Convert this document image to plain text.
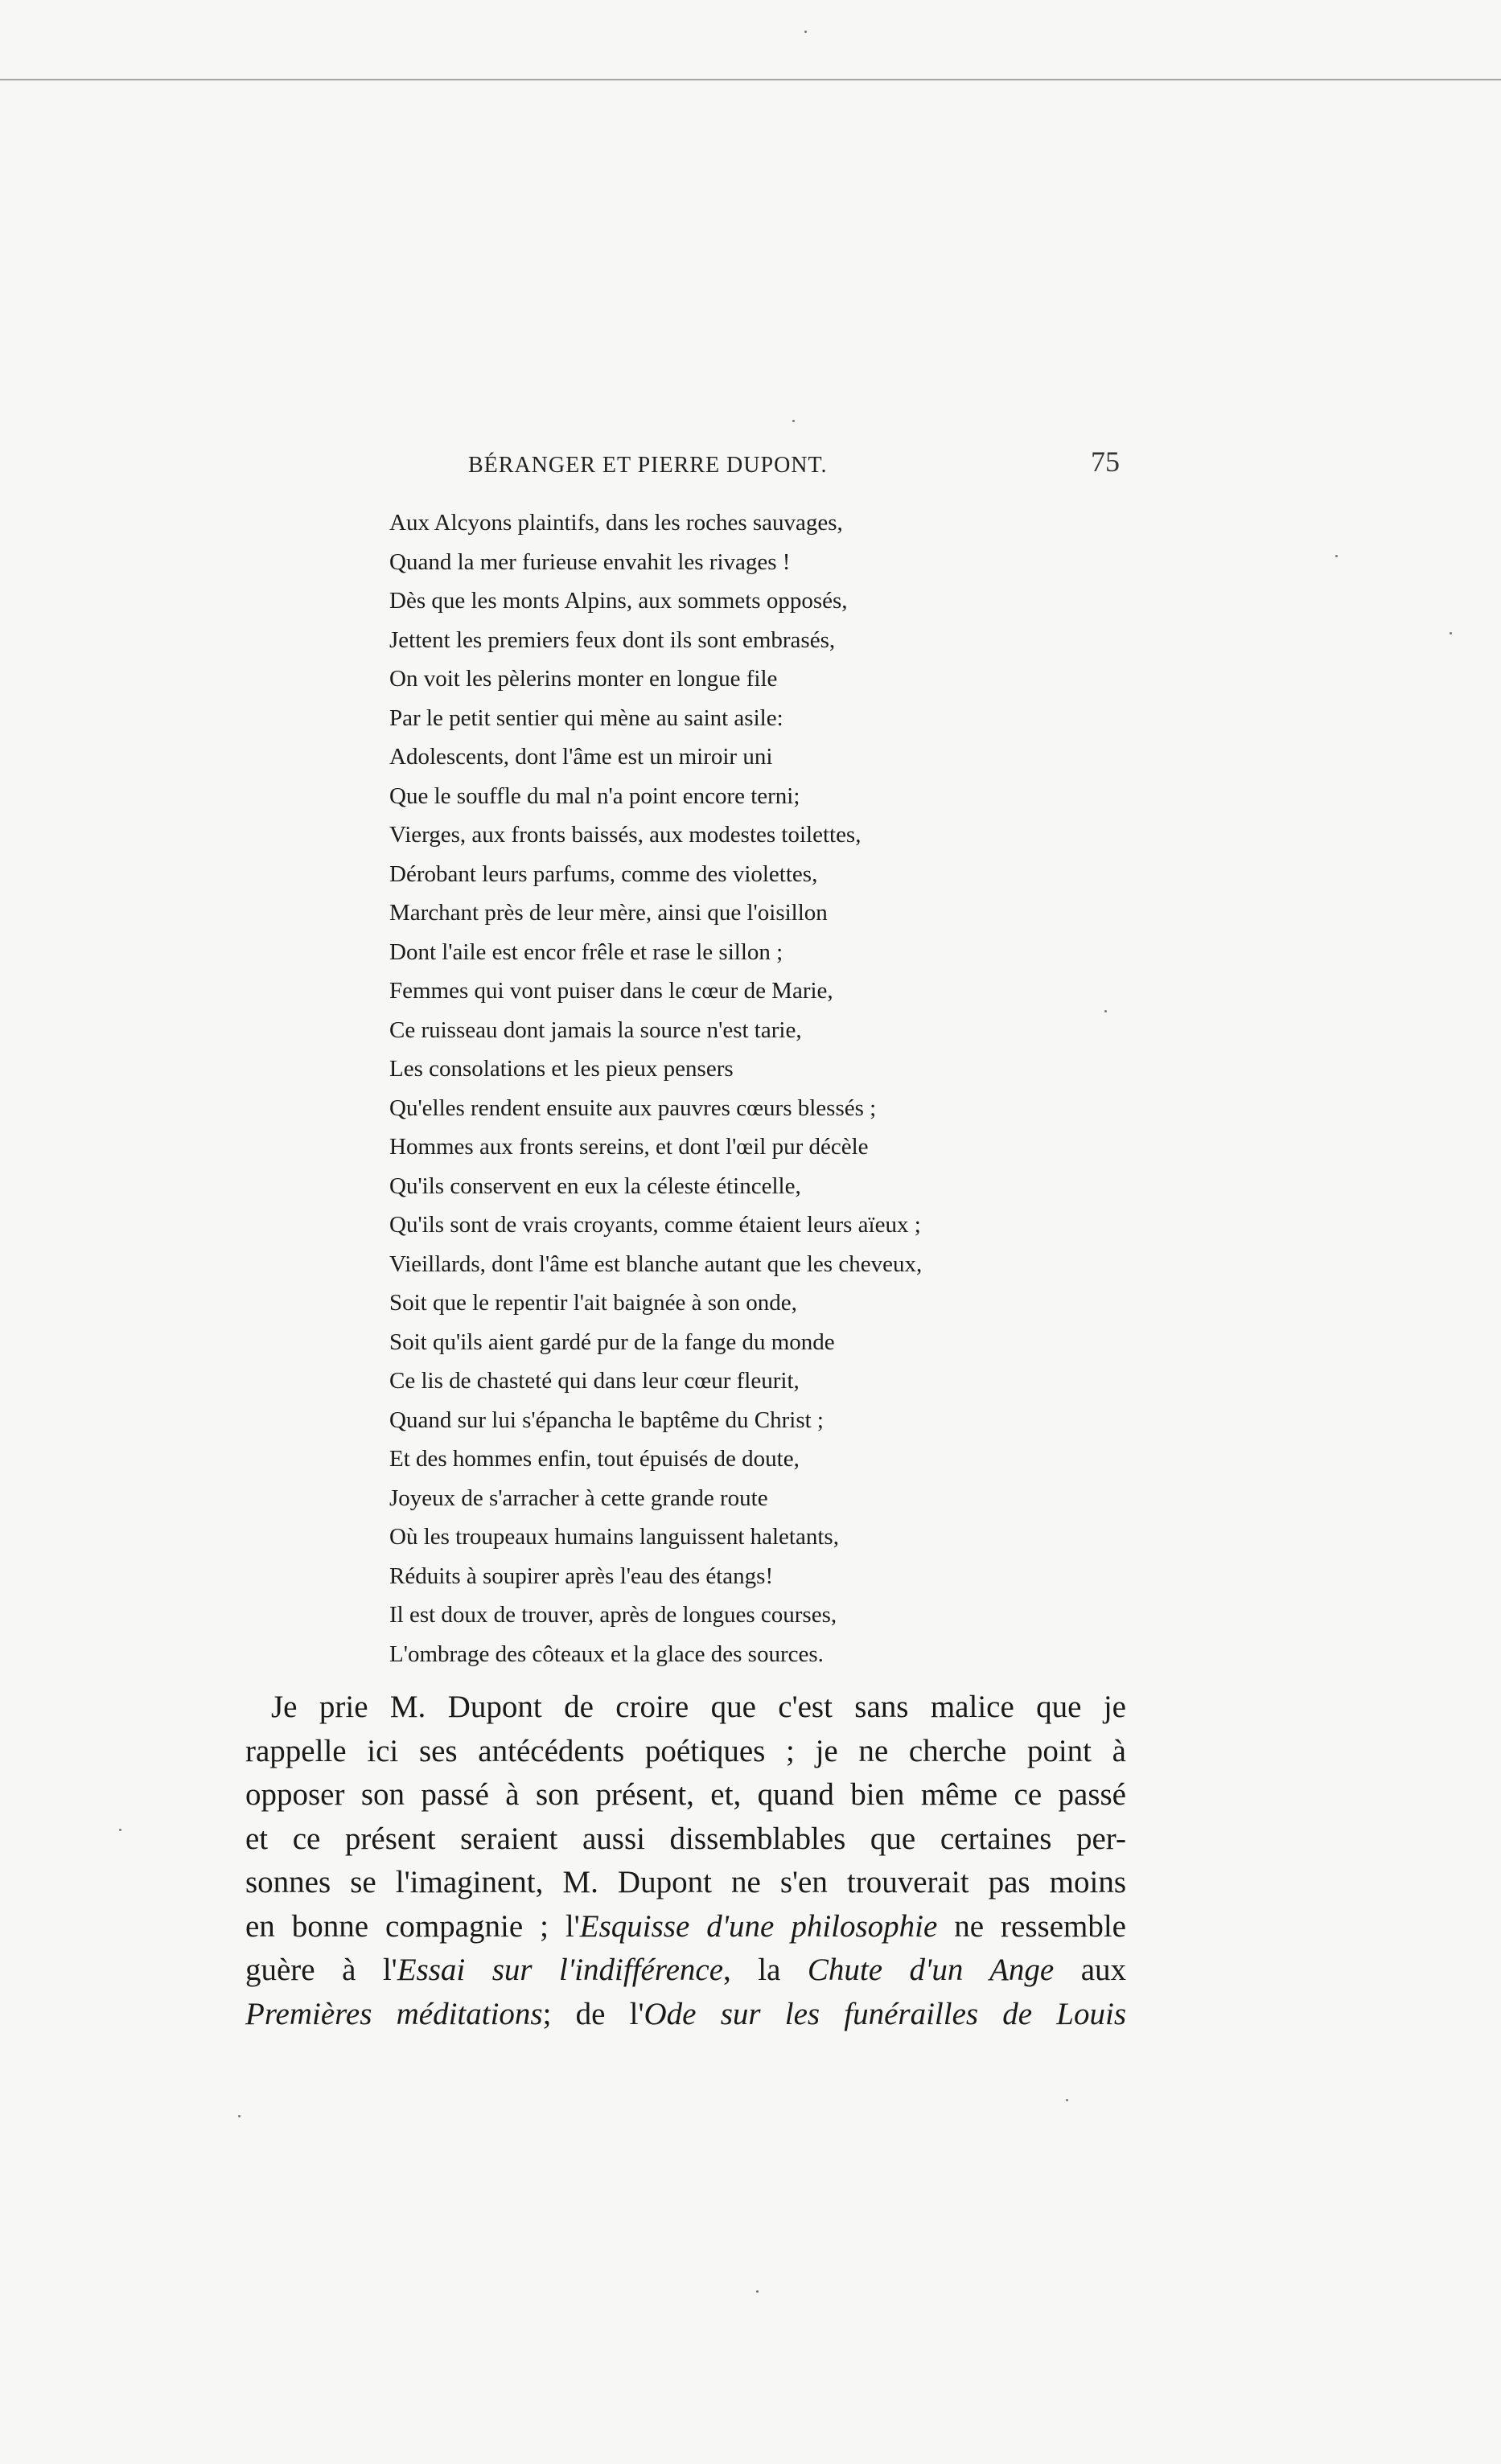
BÉRANGER ET PIERRE DUPONT.	75
Aux Alcyons plaintifs, dans les roches sauvages,
Quand la mer furieuse envahit les rivages !
Dès que les monts Alpins, aux sommets opposés,
Jettent les premiers feux dont ils sont embrasés,
On voit les pèlerins monter en longue file
Par le petit sentier qui mène au saint asile:
Adolescents, dont l'âme est un miroir uni
Que le souffle du mal n'a point encore terni;
Vierges, aux fronts baissés, aux modestes toilettes,
Dérobant leurs parfums, comme des violettes,
Marchant près de leur mère, ainsi que l'oisillon
Dont l'aile est encor frêle et rase le sillon ;
Femmes qui vont puiser dans le cœur de Marie,
Ce ruisseau dont jamais la source n'est tarie,
Les consolations et les pieux pensers
Qu'elles rendent ensuite aux pauvres cœurs blessés ;
Hommes aux fronts sereins, et dont l'œil pur décèle
Qu'ils conservent en eux la céleste étincelle,
Qu'ils sont de vrais croyants, comme étaient leurs aïeux ;
Vieillards, dont l'âme est blanche autant que les cheveux,
Soit que le repentir l'ait baignée à son onde,
Soit qu'ils aient gardé pur de la fange du monde
Ce lis de chasteté qui dans leur cœur fleurit,
Quand sur lui s'épancha le baptême du Christ ;
Et des hommes enfin, tout épuisés de doute,
Joyeux de s'arracher à cette grande route
Où les troupeaux humains languissent haletants,
Réduits à soupirer après l'eau des étangs!
Il est doux de trouver, après de longues courses,
L'ombrage des côteaux et la glace des sources.
Je prie M. Dupont de croire que c'est sans malice que je
rappelle ici ses antécédents poétiques ; je ne cherche point à
opposer son passé à son présent, et, quand bien même ce passé
et ce présent seraient aussi dissemblables que certaines per-
sonnes se l'imaginent, M. Dupont ne s'en trouverait pas moins
en bonne compagnie ; l'Esquisse d'une philosophie ne ressemble
guère à l'Essai sur l'indifférence, la Chute d'un Ange aux
Premières méditations; de l'Ode sur les funérailles de Louis
